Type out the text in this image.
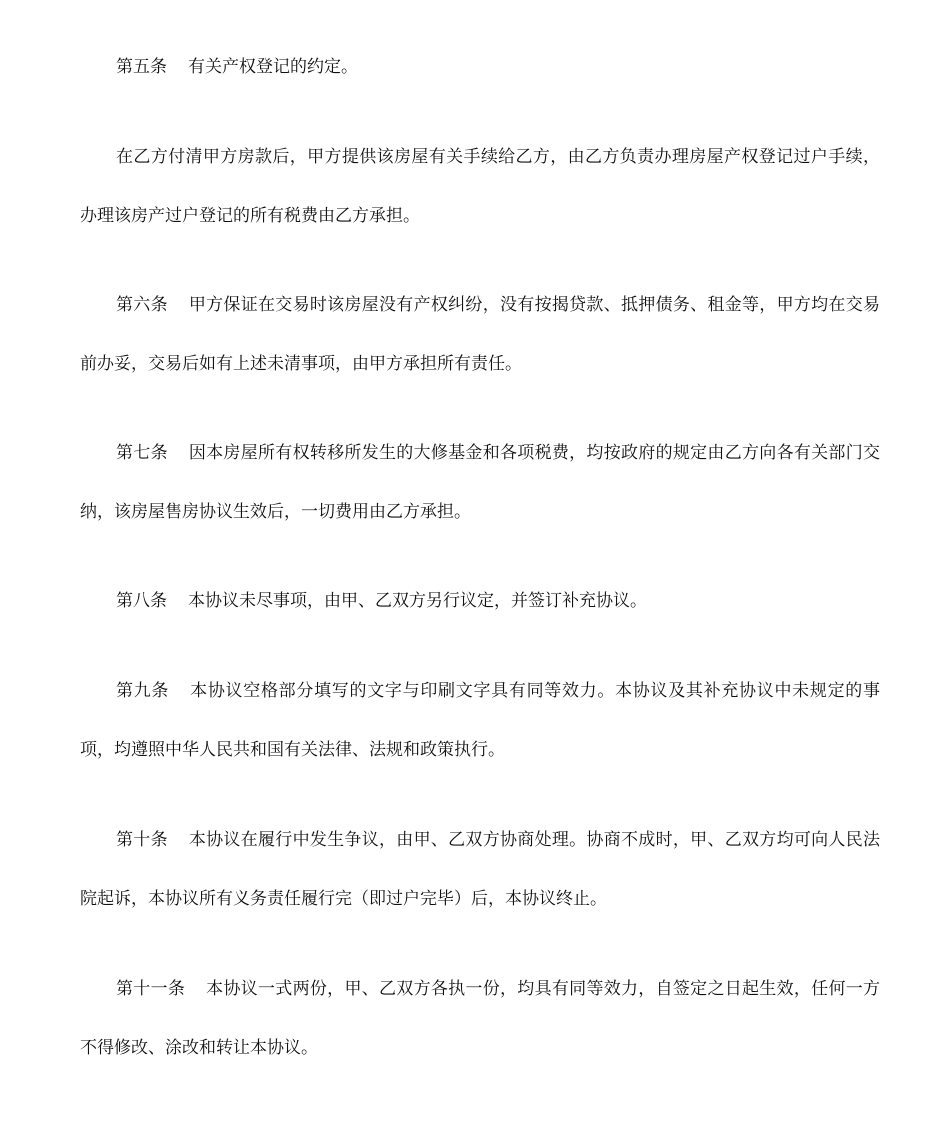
第五条 有关产权登记的约定。

在乙方付清甲方房款后，甲方提供该房屋有关手续给乙方，由乙方负责办理房屋产权登记过户手续，办理该房产过户登记的所有税费由乙方承担。

第六条 甲方保证在交易时该房屋没有产权纠纷，没有按揭贷款、抵押债务、租金等，甲方均在交易前办妥，交易后如有上述未清事项，由甲方承担所有责任。

第七条 因本房屋所有权转移所发生的大修基金和各项税费，均按政府的规定由乙方向各有关部门交纳，该房屋售房协议生效后，一切费用由乙方承担。

第八条 本协议未尽事项，由甲、乙双方另行议定，并签订补充协议。

第九条 本协议空格部分填写的文字与印刷文字具有同等效力。本协议及其补充协议中未规定的事项，均遵照中华人民共和国有关法律、法规和政策执行。

第十条 本协议在履行中发生争议，由甲、乙双方协商处理。协商不成时，甲、乙双方均可向人民法院起诉，本协议所有义务责任履行完（即过户完毕）后，本协议终止。

第十一条 本协议一式两份，甲、乙双方各执一份，均具有同等效力，自签定之日起生效，任何一方不得修改、涂改和转让本协议。
